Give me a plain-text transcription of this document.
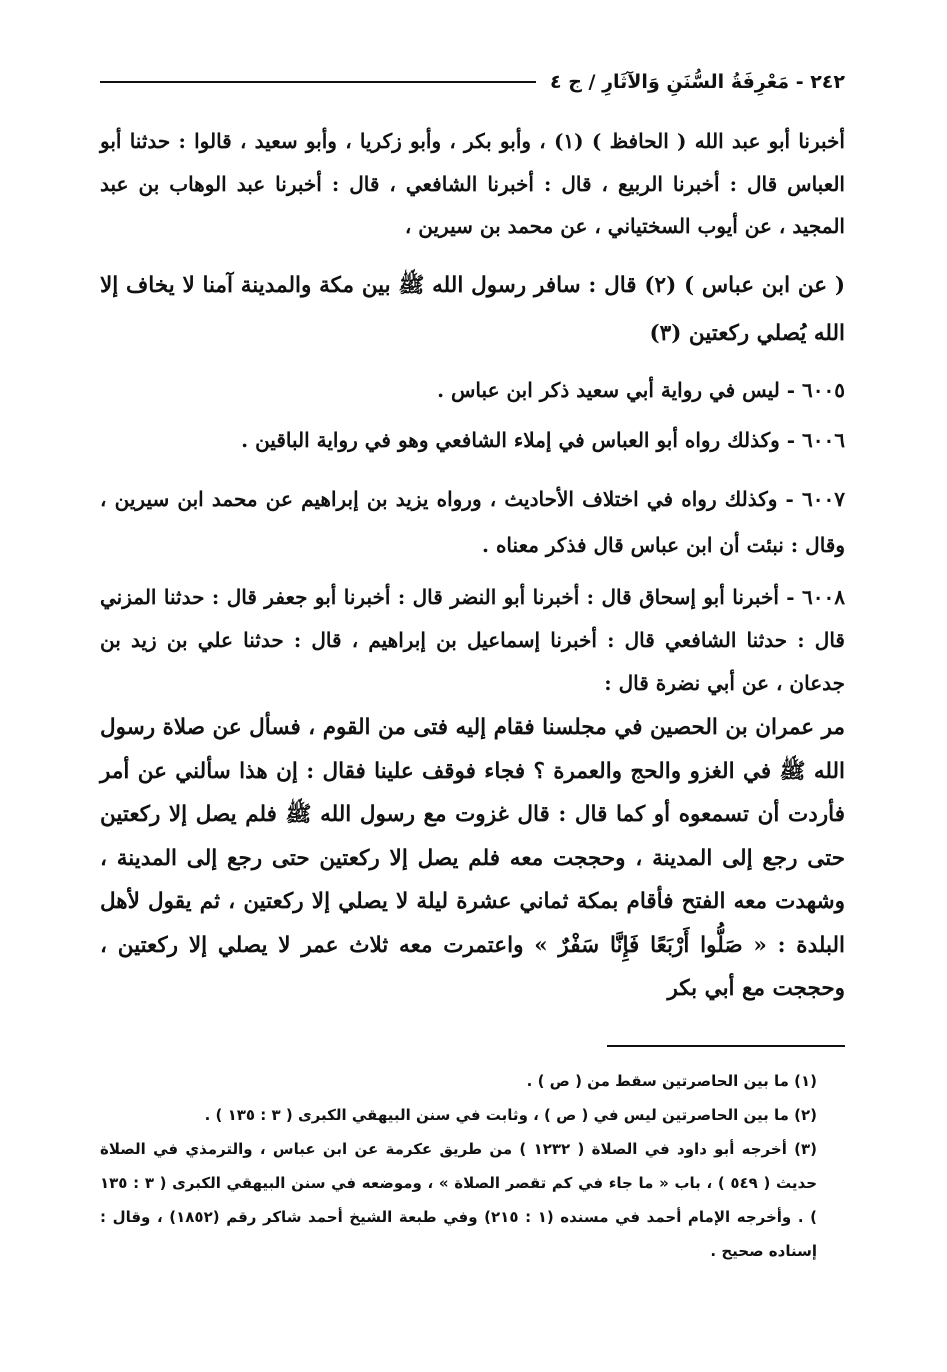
٢٤٢ - مَعْرِفَةُ السُّنَنِ وَالآثَارِ / ج ٤

أخبرنا أبو عبد الله ( الحافظ ) (١) ، وأبو بكر ، وأبو زكريا ، وأبو سعيد ، قالوا : حدثنا أبو العباس قال : أخبرنا الربيع ، قال : أخبرنا الشافعي ، قال : أخبرنا عبد الوهاب بن عبد المجيد ، عن أيوب السختياني ، عن محمد بن سيرين ،

( عن ابن عباس ) (٢) قال : سافر رسول الله ﷺ بين مكة والمدينة آمنا لا يخاف إلا الله يُصلي ركعتين (٣)

٦٠٠٥ - ليس في رواية أبي سعيد ذكر ابن عباس .

٦٠٠٦ - وكذلك رواه أبو العباس في إملاء الشافعي وهو في رواية الباقين .

٦٠٠٧ - وكذلك رواه في اختلاف الأحاديث ، ورواه يزيد بن إبراهيم عن محمد ابن سيرين ، وقال : نبئت أن ابن عباس قال فذكر معناه .

٦٠٠٨ - أخبرنا أبو إسحاق قال : أخبرنا أبو النضر قال : أخبرنا أبو جعفر قال : حدثنا المزني قال : حدثنا الشافعي قال : أخبرنا إسماعيل بن إبراهيم ، قال : حدثنا علي بن زيد بن جدعان ، عن أبي نضرة قال :

مر عمران بن الحصين في مجلسنا فقام إليه فتى من القوم ، فسأل عن صلاة رسول الله ﷺ في الغزو والحج والعمرة ؟ فجاء فوقف علينا فقال : إن هذا سألني عن أمر فأردت أن تسمعوه أو كما قال : قال غزوت مع رسول الله ﷺ فلم يصل إلا ركعتين حتى رجع إلى المدينة ، وحججت معه فلم يصل إلا ركعتين حتى رجع إلى المدينة ، وشهدت معه الفتح فأقام بمكة ثماني عشرة ليلة لا يصلي إلا ركعتين ، ثم يقول لأهل البلدة : « صَلُّوا أَرْبَعًا فَإِنَّا سَفْرٌ » واعتمرت معه ثلاث عمر لا يصلي إلا ركعتين ، وحججت مع أبي بكر

(١) ما بين الحاصرتين سقط من ( ص ) .

(٢) ما بين الحاصرتين ليس في ( ص ) ، وثابت في سنن البيهقي الكبرى ( ٣ : ١٣٥ ) .

(٣) أخرجه أبو داود في الصلاة ( ١٢٣٢ ) من طريق عكرمة عن ابن عباس ، والترمذي في الصلاة حديث ( ٥٤٩ ) ، باب « ما جاء في كم تقصر الصلاة » ، وموضعه في سنن البيهقي الكبرى ( ٣ : ١٣٥ ) . وأخرجه الإمام أحمد في مسنده (١ : ٢١٥) وفي طبعة الشيخ أحمد شاكر رقم (١٨٥٢) ، وقال : إسناده صحيح .
